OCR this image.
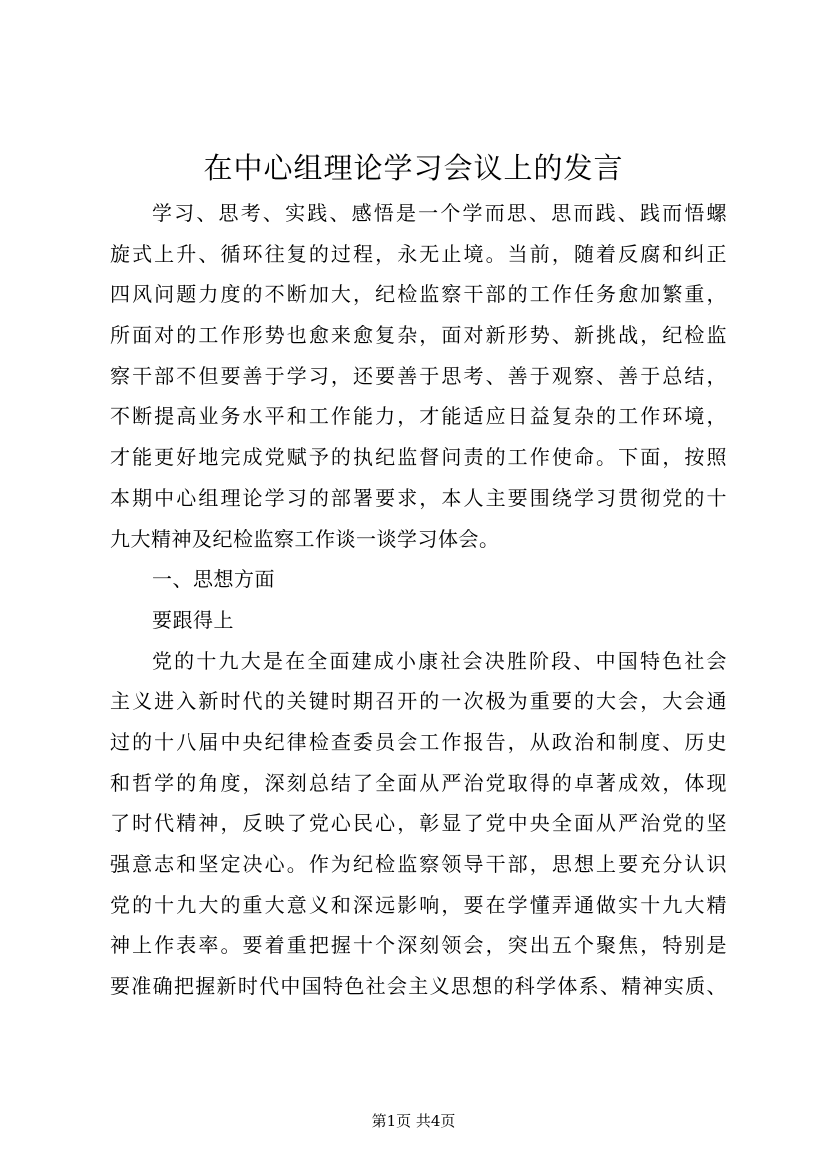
在中心组理论学习会议上的发言
学习、思考、实践、感悟是一个学而思、思而践、践而悟螺
旋式上升、循环往复的过程，永无止境。当前，随着反腐和纠正
四风问题力度的不断加大，纪检监察干部的工作任务愈加繁重，
所面对的工作形势也愈来愈复杂，面对新形势、新挑战，纪检监
察干部不但要善于学习，还要善于思考、善于观察、善于总结，
不断提高业务水平和工作能力，才能适应日益复杂的工作环境，
才能更好地完成党赋予的执纪监督问责的工作使命。下面，按照
本期中心组理论学习的部署要求，本人主要围绕学习贯彻党的十
九大精神及纪检监察工作谈一谈学习体会。
一、思想方面
要跟得上
党的十九大是在全面建成小康社会决胜阶段、中国特色社会
主义进入新时代的关键时期召开的一次极为重要的大会，大会通
过的十八届中央纪律检查委员会工作报告，从政治和制度、历史
和哲学的角度，深刻总结了全面从严治党取得的卓著成效，体现
了时代精神，反映了党心民心，彰显了党中央全面从严治党的坚
强意志和坚定决心。作为纪检监察领导干部，思想上要充分认识
党的十九大的重大意义和深远影响，要在学懂弄通做实十九大精
神上作表率。要着重把握十个深刻领会，突出五个聚焦，特别是
要准确把握新时代中国特色社会主义思想的科学体系、精神实质、
第1页 共4页
